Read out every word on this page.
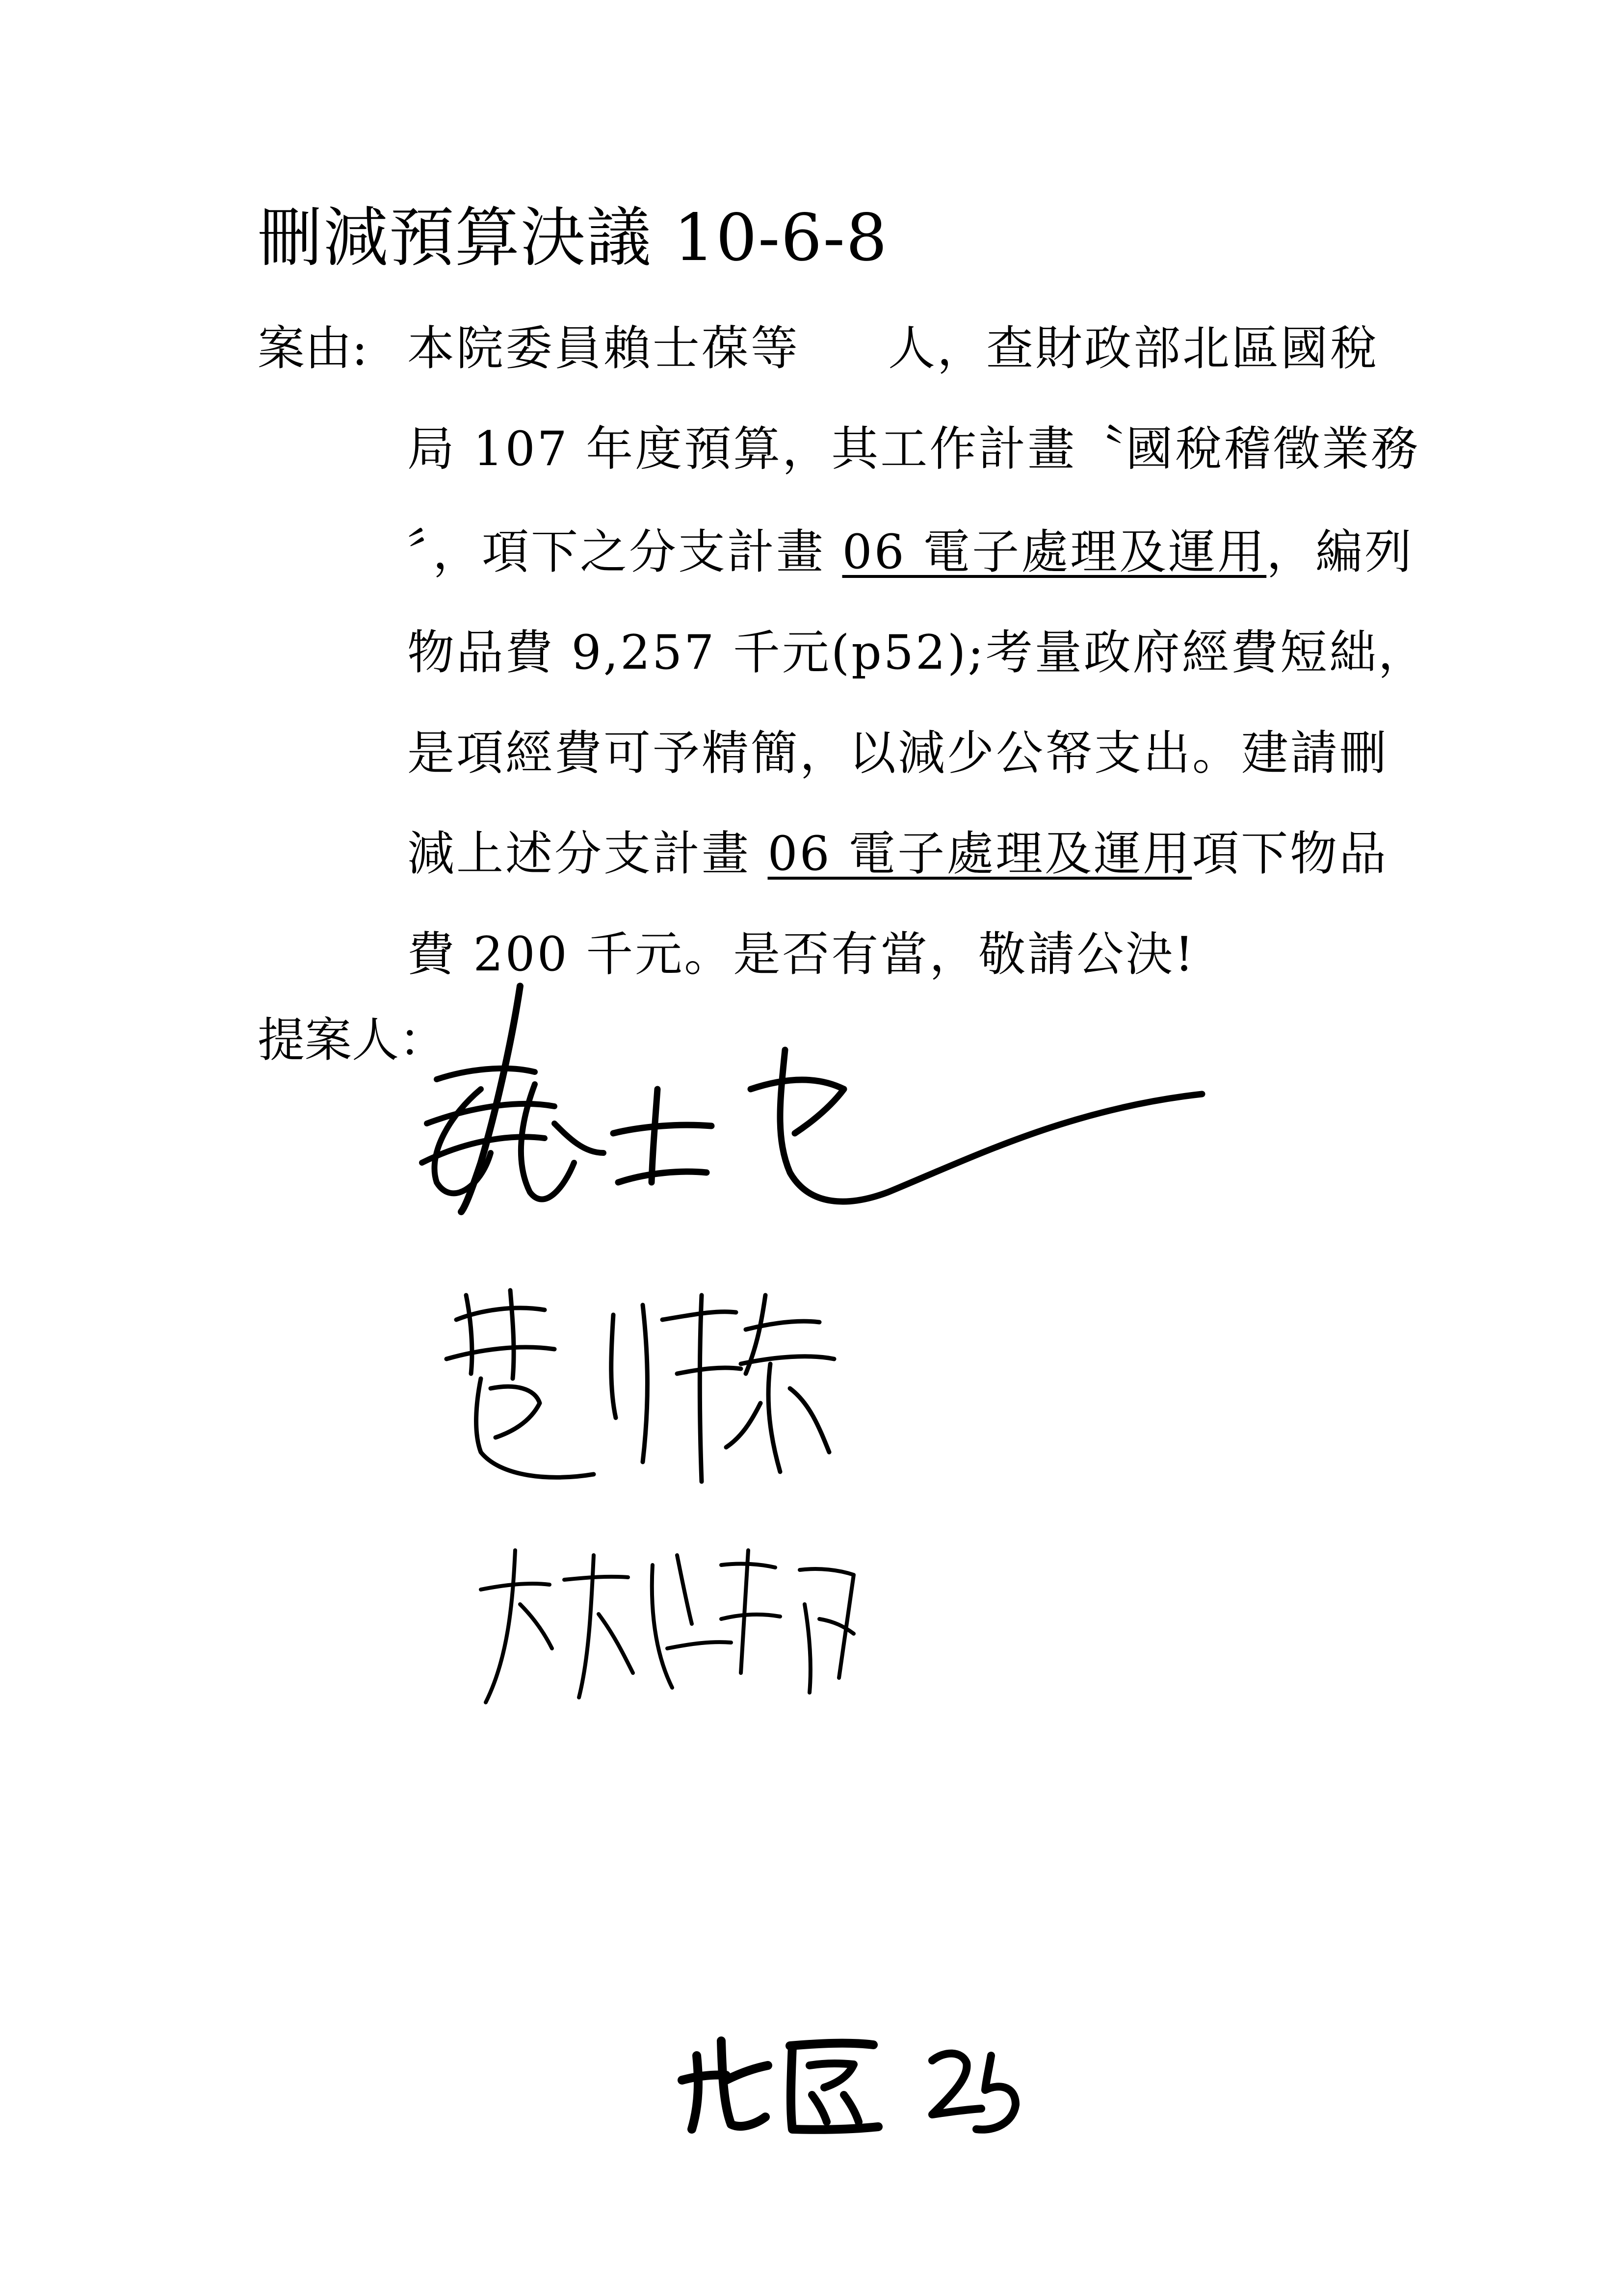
刪減預算決議 10-6-8
案由: 本院委員賴士葆等 人，查財政部北區國稅
局 107 年度預算，其工作計畫〝國稅稽徵業務
〞，項下之分支計畫 06 電子處理及運用，編列
物品費 9,257 千元(p52);考量政府經費短絀，
是項經費可予精簡，以減少公帑支出。建請刪
減上述分支計畫 06 電子處理及運用項下物品
費 200 千元。是否有當，敬請公決!
提案人：
